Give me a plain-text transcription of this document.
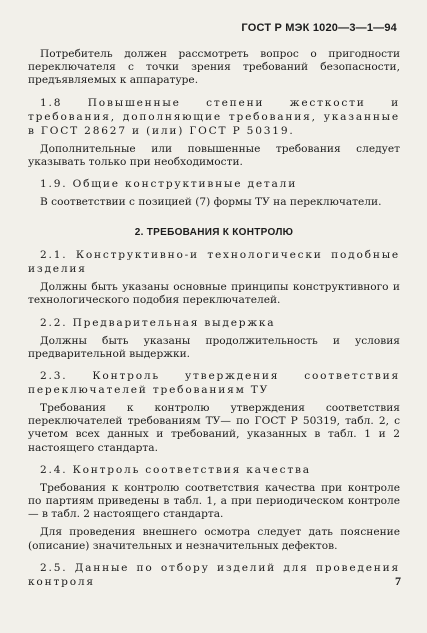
ГОСТ Р МЭК 1020—3—1—94

Потребитель должен рассмотреть вопрос о пригодности переключателя с точки зрения требований безопасности, предъявляемых к аппаратуре.

1.8 Повышенные степени жесткости и требования, дополняющие требования, указанные в ГОСТ 28627 и (или) ГОСТ Р 50319.

Дополнительные или повышенные требования следует указывать только при необходимости.

1.9. Общие конструктивные детали

В соответствии с позицией (7) формы ТУ на переключатели.

2. ТРЕБОВАНИЯ К КОНТРОЛЮ

2.1. Конструктивно-и технологически подобные изделия

Должны быть указаны основные принципы конструктивного и технологического подобия переключателей.

2.2. Предварительная выдержка

Должны быть указаны продолжительность и условия предварительной выдержки.

2.3. Контроль утверждения соответствия переключателей требованиям ТУ

Требования к контролю утверждения соответствия переключателей требованиям ТУ— по ГОСТ Р 50319, табл. 2, с учетом всех данных и требований, указанных в табл. 1 и 2 настоящего стандарта.

2.4. Контроль соответствия качества

Требования к контролю соответствия качества при контроле по партиям приведены в табл. 1, а при периодическом контроле — в табл. 2 настоящего стандарта.

Для проведения внешнего осмотра следует дать пояснение (описание) значительных и незначительных дефектов.

2.5. Данные по отбору изделий для проведения контроля	7
